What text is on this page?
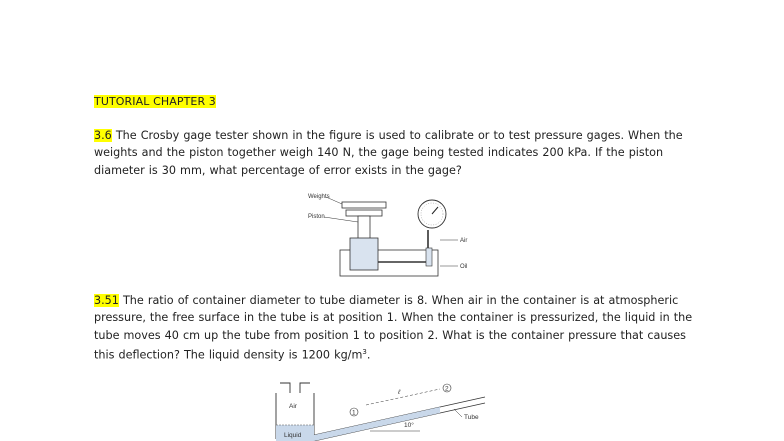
TUTORIAL CHAPTER 3
3.6 The Crosby gage tester shown in the figure is used to calibrate or to test pressure gages. When the weights and the piston together weigh 140 N, the gage being tested indicates 200 kPa. If the piston diameter is 30 mm, what percentage of error exists in the gage?
Weights
Piston
Air
Oil
3.51 The ratio of container diameter to tube diameter is 8. When air in the container is at atmospheric pressure, the free surface in the tube is at position 1. When the container is pressurized, the liquid in the tube moves 40 cm up the tube from position 1 to position 2. What is the container pressure that causes this deflection? The liquid density is 1200 $kg/m^3$.
Air
Liquid
1
2
ℓ
10°
Tube
